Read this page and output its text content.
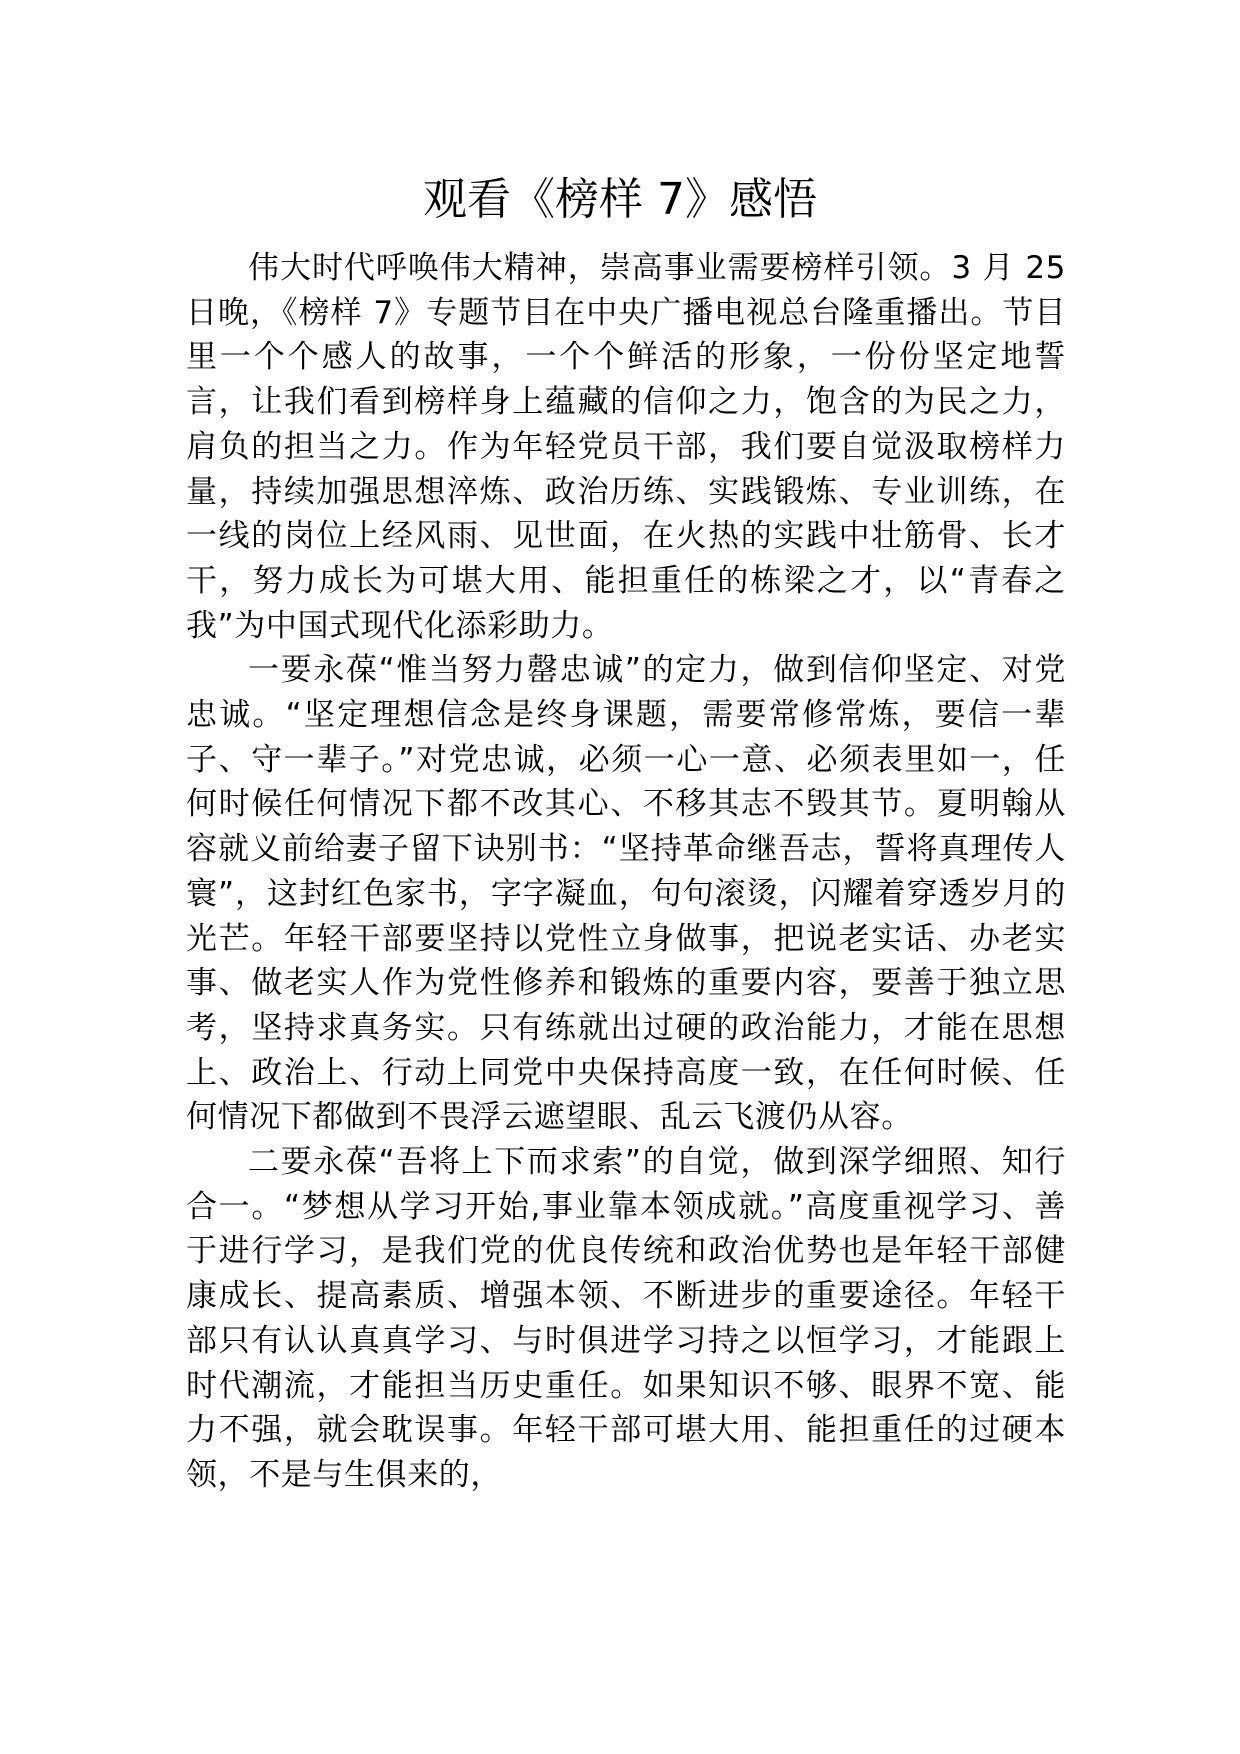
观看《榜样 7》感悟

伟大时代呼唤伟大精神，崇高事业需要榜样引领。3 月 25 日晚，《榜样 7》专题节目在中央广播电视总台隆重播出。节目里一个个感人的故事，一个个鲜活的形象，一份份坚定地誓言，让我们看到榜样身上蕴藏的信仰之力，饱含的为民之力，肩负的担当之力。作为年轻党员干部，我们要自觉汲取榜样力量，持续加强思想淬炼、政治历练、实践锻炼、专业训练，在一线的岗位上经风雨、见世面，在火热的实践中壮筋骨、长才干，努力成长为可堪大用、能担重任的栋梁之才，以“青春之我”为中国式现代化添彩助力。

一要永葆“惟当努力罄忠诚”的定力，做到信仰坚定、对党忠诚。“坚定理想信念是终身课题，需要常修常炼，要信一辈子、守一辈子。”对党忠诚，必须一心一意、必须表里如一，任何时候任何情况下都不改其心、不移其志不毁其节。夏明翰从容就义前给妻子留下诀别书：“坚持革命继吾志，誓将真理传人寰”，这封红色家书，字字凝血，句句滚烫，闪耀着穿透岁月的光芒。年轻干部要坚持以党性立身做事，把说老实话、办老实事、做老实人作为党性修养和锻炼的重要内容，要善于独立思考，坚持求真务实。只有练就出过硬的政治能力，才能在思想上、政治上、行动上同党中央保持高度一致，在任何时候、任何情况下都做到不畏浮云遮望眼、乱云飞渡仍从容。

二要永葆“吾将上下而求索”的自觉，做到深学细照、知行合一。“梦想从学习开始,事业靠本领成就。”高度重视学习、善于进行学习，是我们党的优良传统和政治优势也是年轻干部健康成长、提高素质、增强本领、不断进步的重要途径。年轻干部只有认认真真学习、与时俱进学习持之以恒学习，才能跟上时代潮流，才能担当历史重任。如果知识不够、眼界不宽、能力不强，就会耽误事。年轻干部可堪大用、能担重任的过硬本领，不是与生俱来的，
